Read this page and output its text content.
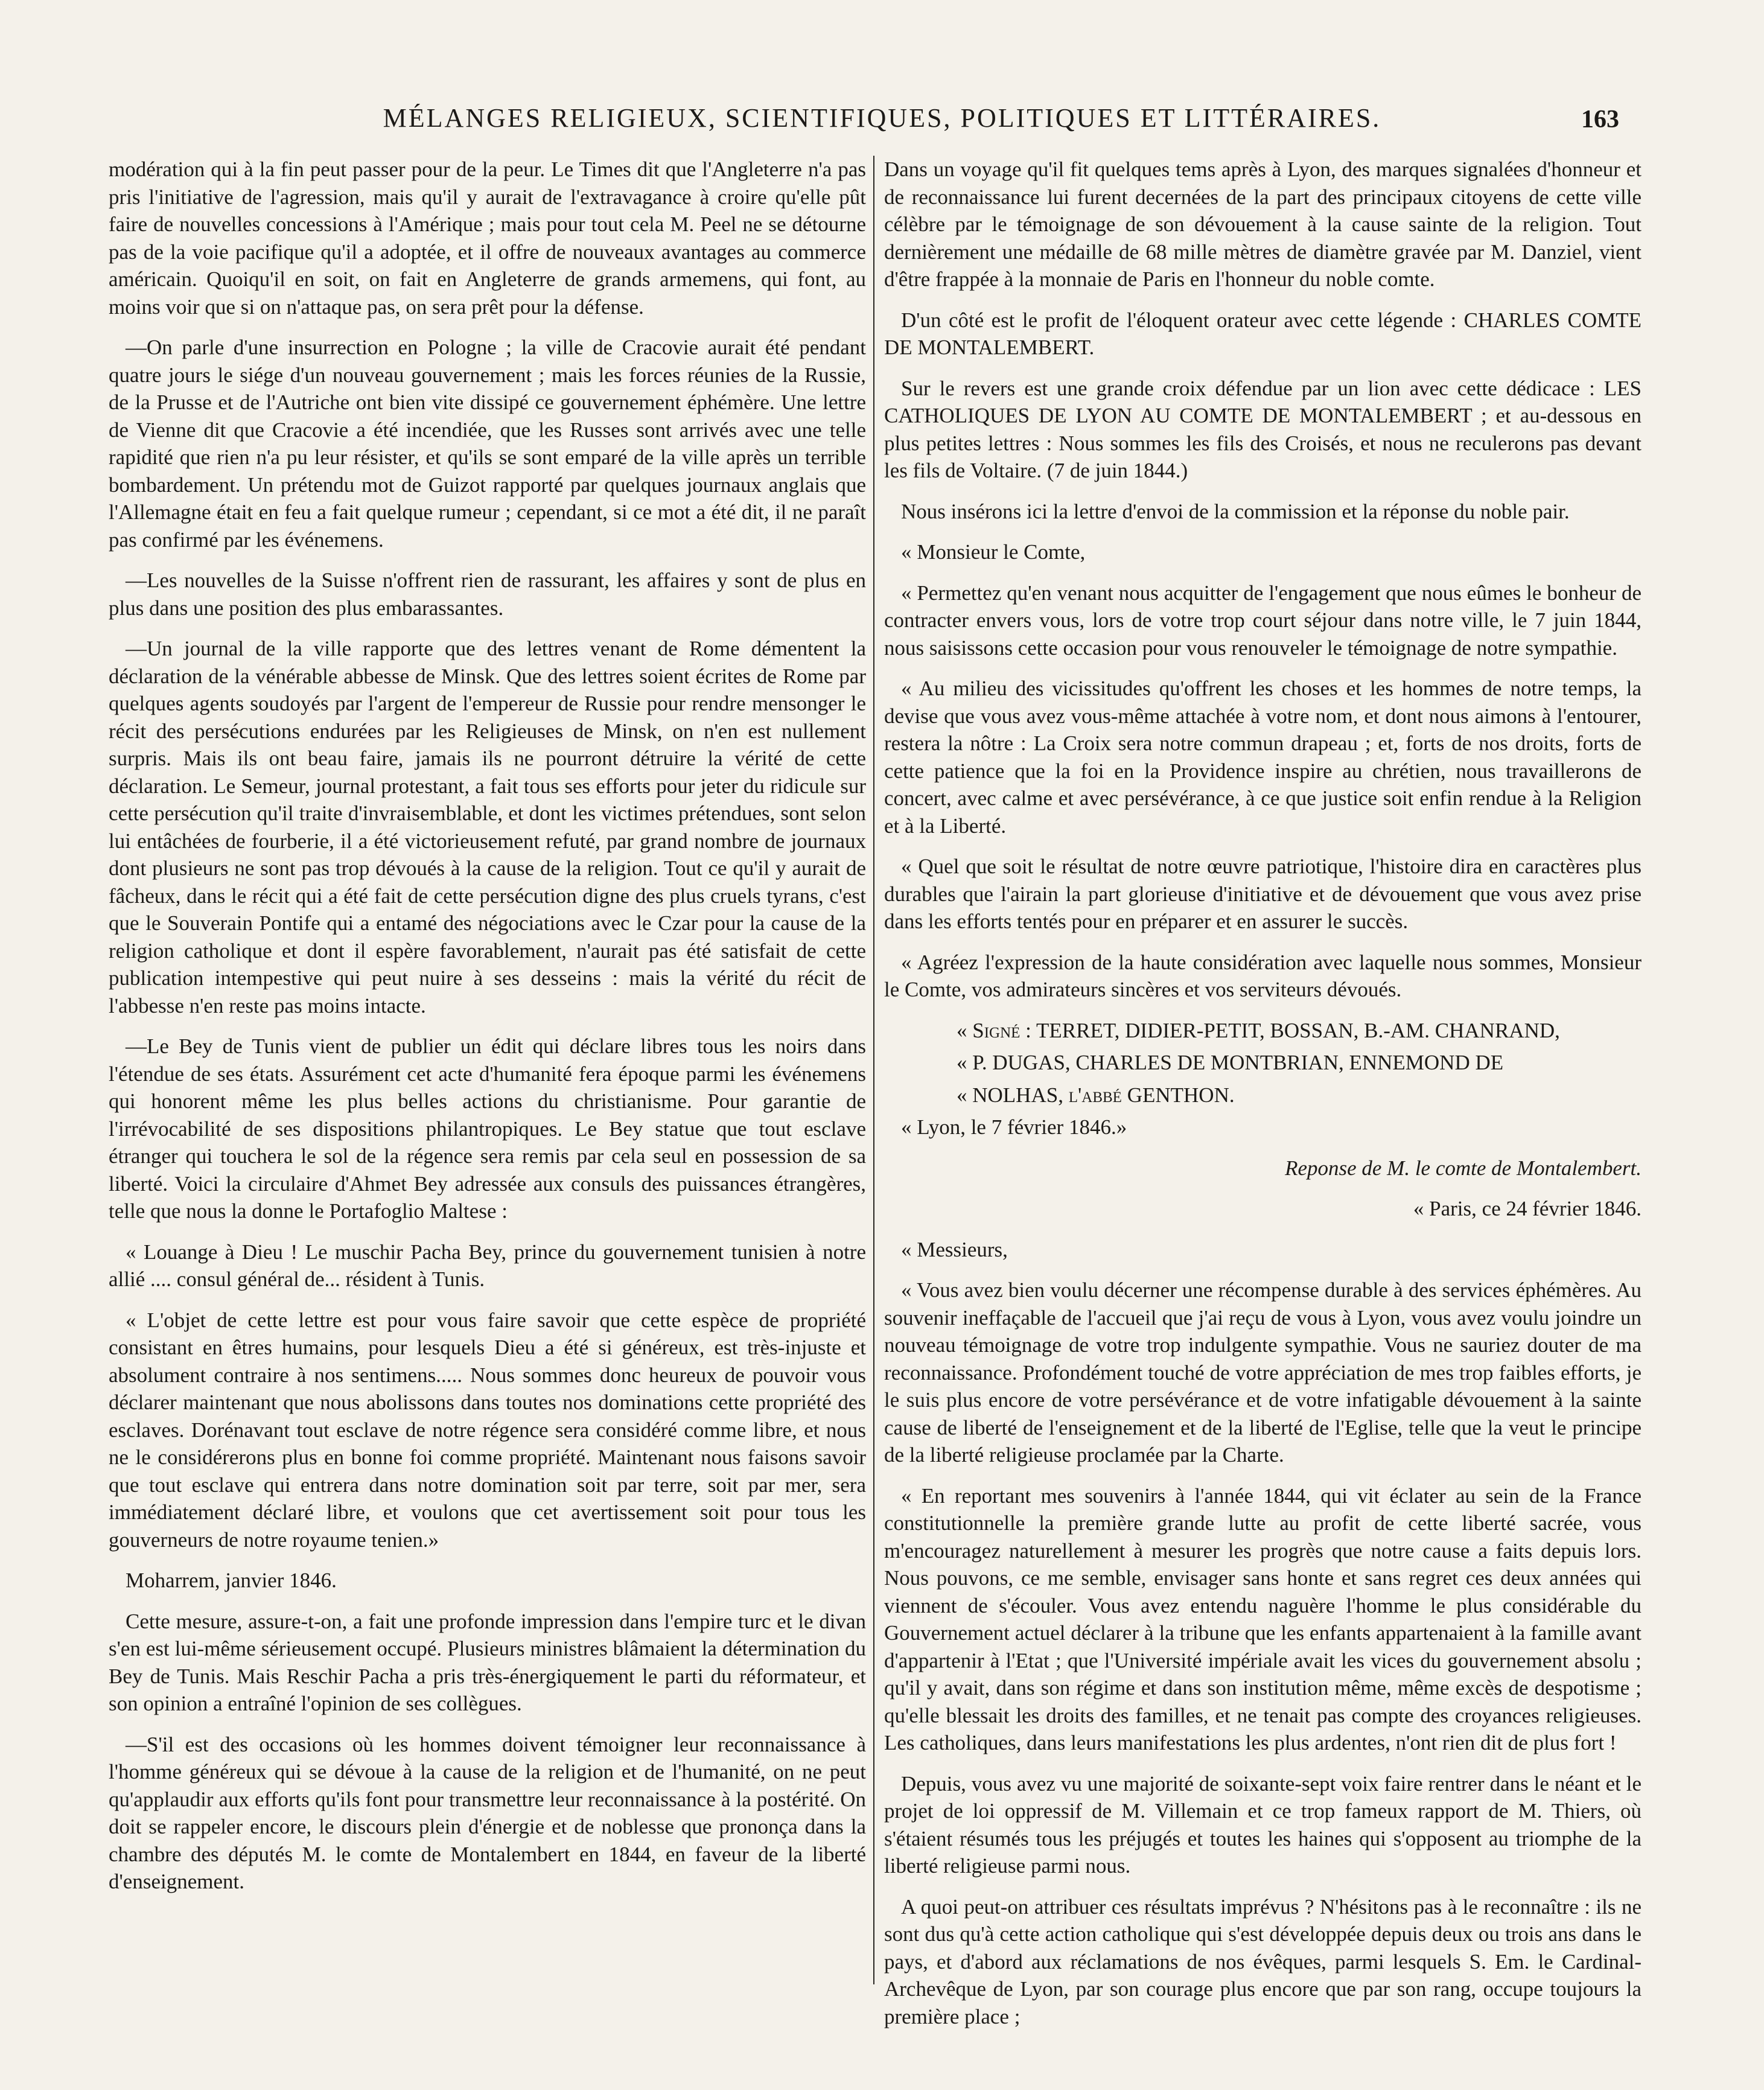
MÉLANGES RELIGIEUX, SCIENTIFIQUES, POLITIQUES ET LITTÉRAIRES.	163

modération qui à la fin peut passer pour de la peur. Le Times dit que l'Angleterre n'a pas pris l'initiative de l'agression, mais qu'il y aurait de l'extravagance à croire qu'elle pût faire de nouvelles concessions à l'Amérique ; mais pour tout cela M. Peel ne se détourne pas de la voie pacifique qu'il a adoptée, et il offre de nouveaux avantages au commerce américain. Quoiqu'il en soit, on fait en Angleterre de grands armemens, qui font, au moins voir que si on n'attaque pas, on sera prêt pour la défense.

—On parle d'une insurrection en Pologne ; la ville de Cracovie aurait été pendant quatre jours le siége d'un nouveau gouvernement ; mais les forces réunies de la Russie, de la Prusse et de l'Autriche ont bien vite dissipé ce gouvernement éphémère. Une lettre de Vienne dit que Cracovie a été incendiée, que les Russes sont arrivés avec une telle rapidité que rien n'a pu leur résister, et qu'ils se sont emparé de la ville après un terrible bombardement. Un prétendu mot de Guizot rapporté par quelques journaux anglais que l'Allemagne était en feu a fait quelque rumeur ; cependant, si ce mot a été dit, il ne paraît pas confirmé par les événemens.

—Les nouvelles de la Suisse n'offrent rien de rassurant, les affaires y sont de plus en plus dans une position des plus embarassantes.

—Un journal de la ville rapporte que des lettres venant de Rome démentent la déclaration de la vénérable abbesse de Minsk. Que des lettres soient écrites de Rome par quelques agents soudoyés par l'argent de l'empereur de Russie pour rendre mensonger le récit des persécutions endurées par les Religieuses de Minsk, on n'en est nullement surpris. Mais ils ont beau faire, jamais ils ne pourront détruire la vérité de cette déclaration. Le Semeur, journal protestant, a fait tous ses efforts pour jeter du ridicule sur cette persécution qu'il traite d'invraisemblable, et dont les victimes prétendues, sont selon lui entâchées de fourberie, il a été victorieusement refuté, par grand nombre de journaux dont plusieurs ne sont pas trop dévoués à la cause de la religion. Tout ce qu'il y aurait de fâcheux, dans le récit qui a été fait de cette persécution digne des plus cruels tyrans, c'est que le Souverain Pontife qui a entamé des négociations avec le Czar pour la cause de la religion catholique et dont il espère favorablement, n'aurait pas été satisfait de cette publication intempestive qui peut nuire à ses desseins : mais la vérité du récit de l'abbesse n'en reste pas moins intacte.

—Le Bey de Tunis vient de publier un édit qui déclare libres tous les noirs dans l'étendue de ses états. Assurément cet acte d'humanité fera époque parmi les événemens qui honorent même les plus belles actions du christianisme. Pour garantie de l'irrévocabilité de ses dispositions philantropiques. Le Bey statue que tout esclave étranger qui touchera le sol de la régence sera remis par cela seul en possession de sa liberté. Voici la circulaire d'Ahmet Bey adressée aux consuls des puissances étrangères, telle que nous la donne le Portafoglio Maltese :

« Louange à Dieu ! Le muschir Pacha Bey, prince du gouvernement tunisien à notre allié .... consul général de... résident à Tunis.

« L'objet de cette lettre est pour vous faire savoir que cette espèce de propriété consistant en êtres humains, pour lesquels Dieu a été si généreux, est très-injuste et absolument contraire à nos sentimens..... Nous sommes donc heureux de pouvoir vous déclarer maintenant que nous abolissons dans toutes nos dominations cette propriété des esclaves. Dorénavant tout esclave de notre régence sera considéré comme libre, et nous ne le considérerons plus en bonne foi comme propriété. Maintenant nous faisons savoir que tout esclave qui entrera dans notre domination soit par terre, soit par mer, sera immédiatement déclaré libre, et voulons que cet avertissement soit pour tous les gouverneurs de notre royaume tenien.»

Moharrem, janvier 1846.

Cette mesure, assure-t-on, a fait une profonde impression dans l'empire turc et le divan s'en est lui-même sérieusement occupé. Plusieurs ministres blâmaient la détermination du Bey de Tunis. Mais Reschir Pacha a pris très-énergiquement le parti du réformateur, et son opinion a entraîné l'opinion de ses collègues.

—S'il est des occasions où les hommes doivent témoigner leur reconnaissance à l'homme généreux qui se dévoue à la cause de la religion et de l'humanité, on ne peut qu'applaudir aux efforts qu'ils font pour transmettre leur reconnaissance à la postérité. On doit se rappeler encore, le discours plein d'énergie et de noblesse que prononça dans la chambre des députés M. le comte de Montalembert en 1844, en faveur de la liberté d'enseignement.

Dans un voyage qu'il fit quelques tems après à Lyon, des marques signalées d'honneur et de reconnaissance lui furent decernées de la part des principaux citoyens de cette ville célèbre par le témoignage de son dévouement à la cause sainte de la religion. Tout dernièrement une médaille de 68 mille mètres de diamètre gravée par M. Danziel, vient d'être frappée à la monnaie de Paris en l'honneur du noble comte.

D'un côté est le profit de l'éloquent orateur avec cette légende : CHARLES COMTE DE MONTALEMBERT.

Sur le revers est une grande croix défendue par un lion avec cette dédicace : LES CATHOLIQUES DE LYON AU COMTE DE MONTALEMBERT ; et au-dessous en plus petites lettres : Nous sommes les fils des Croisés, et nous ne reculerons pas devant les fils de Voltaire. (7 de juin 1844.)

Nous insérons ici la lettre d'envoi de la commission et la réponse du noble pair.

« Monsieur le Comte,

« Permettez qu'en venant nous acquitter de l'engagement que nous eûmes le bonheur de contracter envers vous, lors de votre trop court séjour dans notre ville, le 7 juin 1844, nous saisissons cette occasion pour vous renouveler le témoignage de notre sympathie.

« Au milieu des vicissitudes qu'offrent les choses et les hommes de notre temps, la devise que vous avez vous-même attachée à votre nom, et dont nous aimons à l'entourer, restera la nôtre : La Croix sera notre commun drapeau ; et, forts de nos droits, forts de cette patience que la foi en la Providence inspire au chrétien, nous travaillerons de concert, avec calme et avec persévérance, à ce que justice soit enfin rendue à la Religion et à la Liberté.

« Quel que soit le résultat de notre œuvre patriotique, l'histoire dira en caractères plus durables que l'airain la part glorieuse d'initiative et de dévouement que vous avez prise dans les efforts tentés pour en préparer et en assurer le succès.

« Agréez l'expression de la haute considération avec laquelle nous sommes, Monsieur le Comte, vos admirateurs sincères et vos serviteurs dévoués.

« Signé : TERRET, DIDIER-PETIT, BOSSAN, B.-AM. CHANRAND,

« P. DUGAS, CHARLES DE MONTBRIAN, ENNEMOND DE

« NOLHAS, l'abbé GENTHON.

« Lyon, le 7 février 1846.»

Reponse de M. le comte de Montalembert.

« Paris, ce 24 février 1846.

« Messieurs,

« Vous avez bien voulu décerner une récompense durable à des services éphémères. Au souvenir ineffaçable de l'accueil que j'ai reçu de vous à Lyon, vous avez voulu joindre un nouveau témoignage de votre trop indulgente sympathie. Vous ne sauriez douter de ma reconnaissance. Profondément touché de votre appréciation de mes trop faibles efforts, je le suis plus encore de votre persévérance et de votre infatigable dévouement à la sainte cause de liberté de l'enseignement et de la liberté de l'Eglise, telle que la veut le principe de la liberté religieuse proclamée par la Charte.

« En reportant mes souvenirs à l'année 1844, qui vit éclater au sein de la France constitutionnelle la première grande lutte au profit de cette liberté sacrée, vous m'encouragez naturellement à mesurer les progrès que notre cause a faits depuis lors. Nous pouvons, ce me semble, envisager sans honte et sans regret ces deux années qui viennent de s'écouler. Vous avez entendu naguère l'homme le plus considérable du Gouvernement actuel déclarer à la tribune que les enfants appartenaient à la famille avant d'appartenir à l'Etat ; que l'Université impériale avait les vices du gouvernement absolu ; qu'il y avait, dans son régime et dans son institution même, même excès de despotisme ; qu'elle blessait les droits des familles, et ne tenait pas compte des croyances religieuses. Les catholiques, dans leurs manifestations les plus ardentes, n'ont rien dit de plus fort !

Depuis, vous avez vu une majorité de soixante-sept voix faire rentrer dans le néant et le projet de loi oppressif de M. Villemain et ce trop fameux rapport de M. Thiers, où s'étaient résumés tous les préjugés et toutes les haines qui s'opposent au triomphe de la liberté religieuse parmi nous.

A quoi peut-on attribuer ces résultats imprévus ? N'hésitons pas à le reconnaître : ils ne sont dus qu'à cette action catholique qui s'est développée depuis deux ou trois ans dans le pays, et d'abord aux réclamations de nos évêques, parmi lesquels S. Em. le Cardinal-Archevêque de Lyon, par son courage plus encore que par son rang, occupe toujours la première place ;
